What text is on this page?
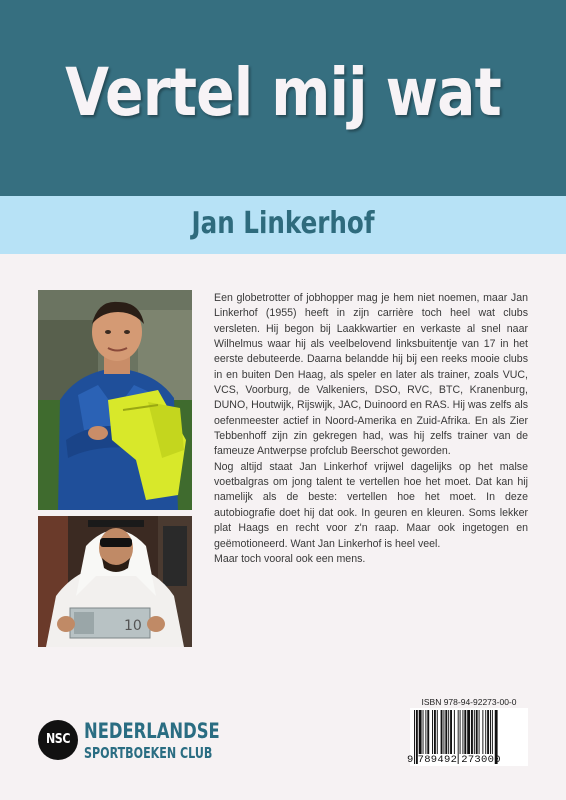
Vertel mij wat
Jan Linkerhof
10

Een globetrotter of jobhopper mag je hem niet noemen, maar Jan Linkerhof (1955) heeft in zijn carrière toch heel wat clubs versleten. Hij begon bij Laakkwartier en verkaste al snel naar Wilhelmus waar hij als veelbelovend linksbuitentje van 17 in het eerste debuteerde. Daarna belandde hij bij een reeks mooie clubs in en buiten Den Haag, als speler en later als trainer, zoals VUC, VCS, Voorburg, de Valkeniers, DSO, RVC, BTC, Kranenburg, DUNO, Houtwijk, Rijswijk, JAC, Duinoord en RAS. Hij was zelfs als oefenmeester actief in Noord-Amerika en Zuid-Afrika. En als Zier Tebbenhoff zijn zin gekregen had, was hij zelfs trainer van de fameuze Antwerpse profclub Beerschot geworden.

Nog altijd staat Jan Linkerhof vrijwel dagelijks op het malse voetbalgras om jong talent te vertellen hoe het moet. Dat kan hij namelijk als de beste: vertellen hoe het moet. In deze autobiografie doet hij dat ook. In geuren en kleuren. Soms lekker plat Haags en recht voor z'n raap. Maar ook ingetogen en geëmotioneerd. Want Jan Linkerhof is heel veel.

Maar toch vooral ook een mens.

NSC NEDERLANDSE
SPORTBOEKEN CLUB
ISBN 978-94-92273-00-0
9 789492 273000
